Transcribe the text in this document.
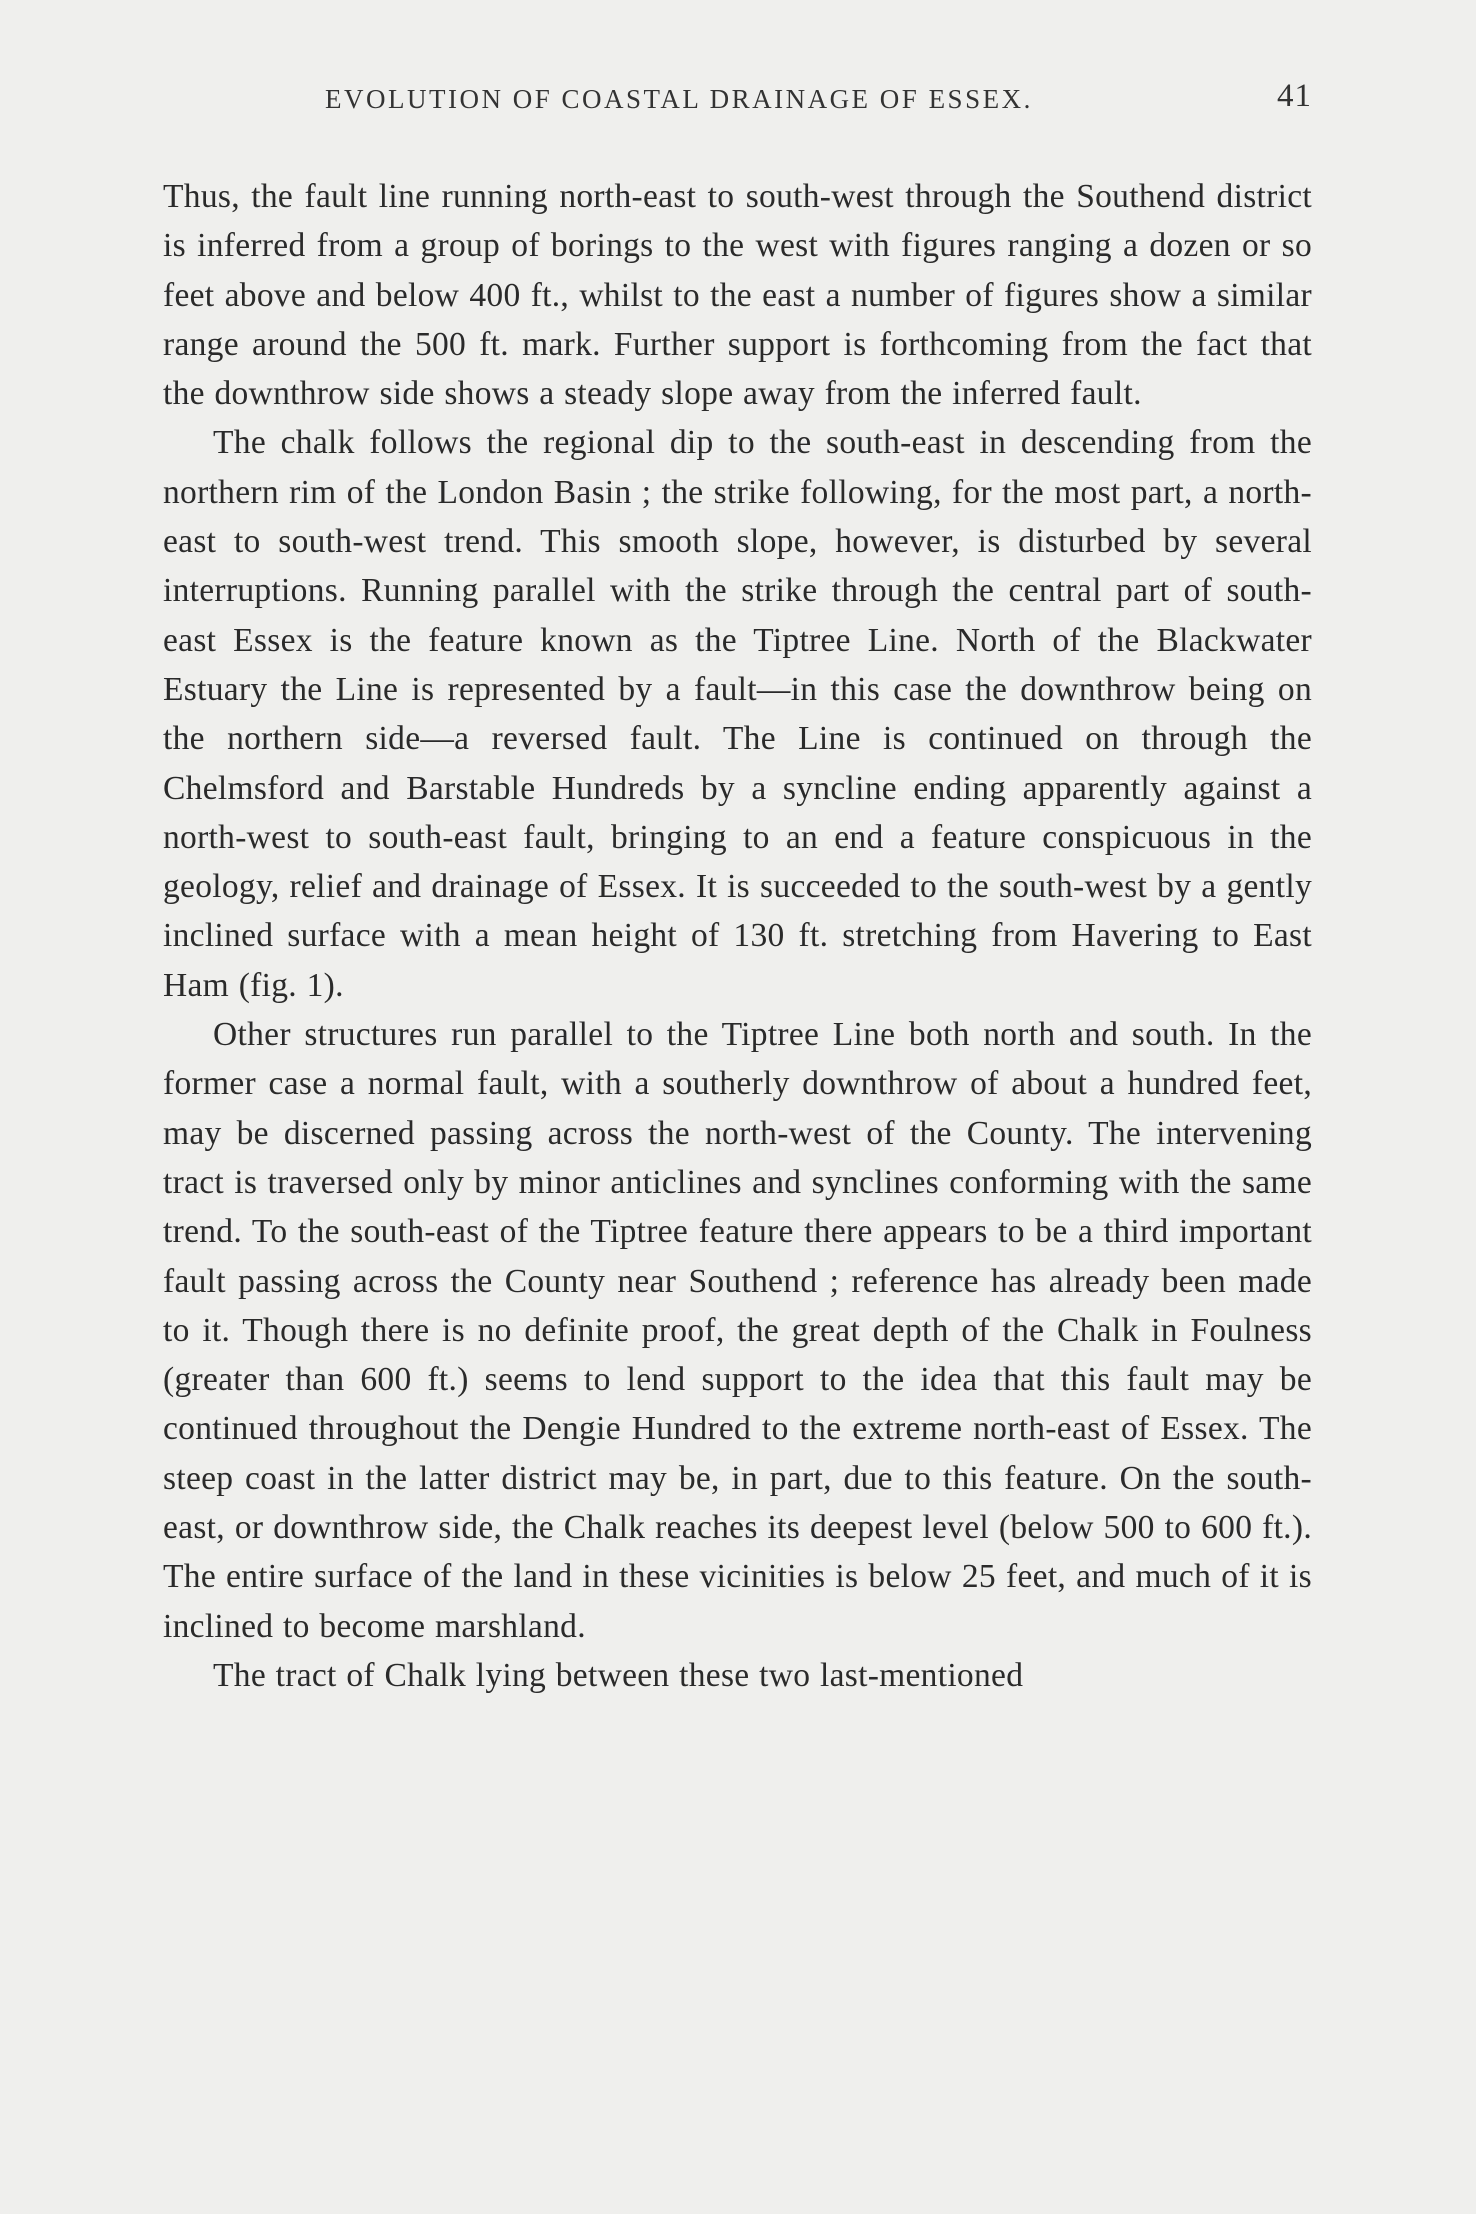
EVOLUTION OF COASTAL DRAINAGE OF ESSEX.	41

Thus, the fault line running north-east to south-west through the Southend district is inferred from a group of borings to the west with figures ranging a dozen or so feet above and below 400 ft., whilst to the east a number of figures show a similar range around the 500 ft. mark. Further support is forthcoming from the fact that the downthrow side shows a steady slope away from the inferred fault.

The chalk follows the regional dip to the south-east in descending from the northern rim of the London Basin ; the strike following, for the most part, a north-east to south-west trend. This smooth slope, however, is disturbed by several interruptions. Running parallel with the strike through the central part of south-east Essex is the feature known as the Tiptree Line. North of the Blackwater Estuary the Line is represented by a fault—in this case the downthrow being on the northern side—a reversed fault. The Line is continued on through the Chelmsford and Barstable Hundreds by a syncline ending apparently against a north-west to south-east fault, bringing to an end a feature conspicuous in the geology, relief and drainage of Essex. It is succeeded to the south-west by a gently inclined surface with a mean height of 130 ft. stretching from Havering to East Ham (fig. 1).

Other structures run parallel to the Tiptree Line both north and south. In the former case a normal fault, with a southerly downthrow of about a hundred feet, may be discerned passing across the north-west of the County. The intervening tract is traversed only by minor anticlines and synclines conforming with the same trend. To the south-east of the Tiptree feature there appears to be a third important fault passing across the County near Southend ; reference has already been made to it. Though there is no definite proof, the great depth of the Chalk in Foulness (greater than 600 ft.) seems to lend support to the idea that this fault may be continued throughout the Dengie Hundred to the extreme north-east of Essex. The steep coast in the latter district may be, in part, due to this feature. On the south-east, or downthrow side, the Chalk reaches its deepest level (below 500 to 600 ft.). The entire surface of the land in these vicinities is below 25 feet, and much of it is inclined to become marshland.

The tract of Chalk lying between these two last-mentioned
